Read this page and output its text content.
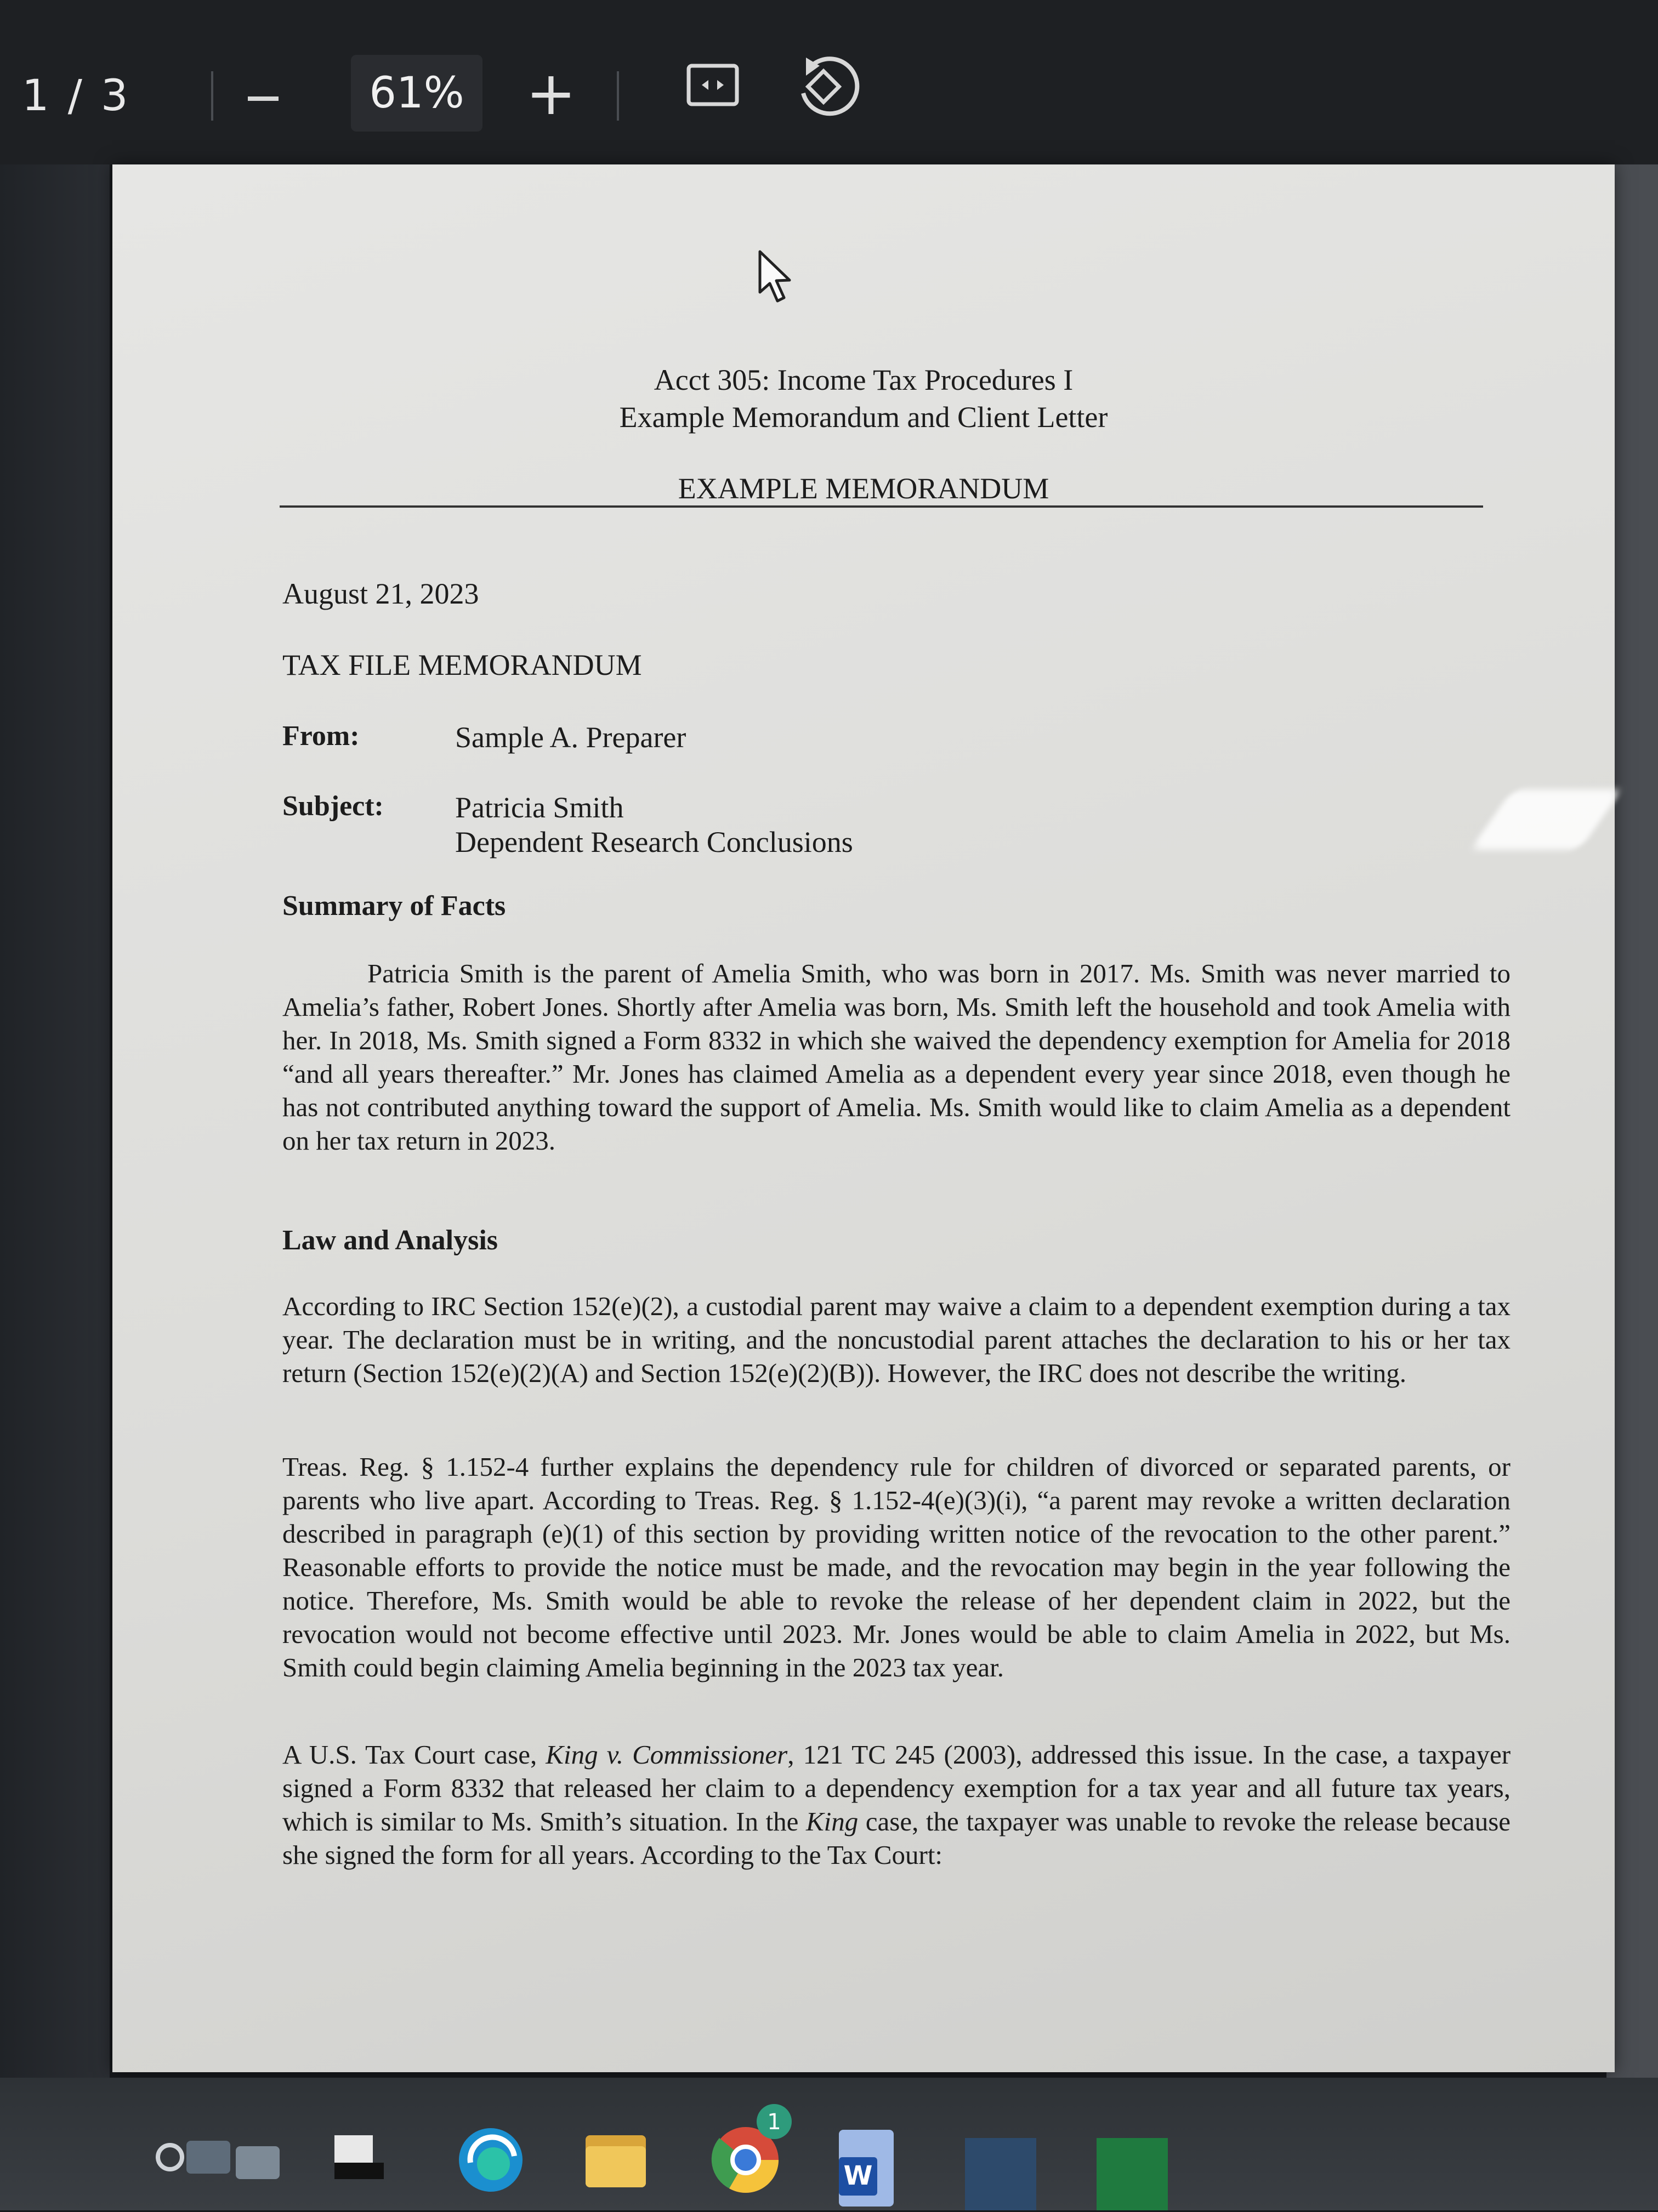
1 / 3	61%	+
Acct 305: Income Tax Procedures I
Example Memorandum and Client Letter
EXAMPLE MEMORANDUM
August 21, 2023
TAX FILE MEMORANDUM
From:	Sample A. Preparer
Subject: Patricia Smith
Dependent Research Conclusions
Summary of Facts

Patricia Smith is the parent of Amelia Smith, who was born in 2017. Ms. Smith was never married to Amelia’s father, Robert Jones. Shortly after Amelia was born, Ms. Smith left the household and took Amelia with her. In 2018, Ms. Smith signed a Form 8332 in which she waived the dependency exemption for Amelia for 2018 “and all years thereafter.” Mr. Jones has claimed Amelia as a dependent every year since 2018, even though he has not contributed anything toward the support of Amelia. Ms. Smith would like to claim Amelia as a dependent on her tax return in 2023.

Law and Analysis

According to IRC Section 152(e)(2), a custodial parent may waive a claim to a dependent exemption during a tax year. The declaration must be in writing, and the noncustodial parent attaches the declaration to his or her tax return (Section 152(e)(2)(A) and Section 152(e)(2)(B)). However, the IRC does not describe the writing.

Treas. Reg. § 1.152-4 further explains the dependency rule for children of divorced or separated parents, or parents who live apart. According to Treas. Reg. § 1.152-4(e)(3)(i), “a parent may revoke a written declaration described in paragraph (e)(1) of this section by providing written notice of the revocation to the other parent.” Reasonable efforts to provide the notice must be made, and the revocation may begin in the year following the notice. Therefore, Ms. Smith would be able to revoke the release of her dependent claim in 2022, but the revocation would not become effective until 2023. Mr. Jones would be able to claim Amelia in 2022, but Ms. Smith could begin claiming Amelia beginning in the 2023 tax year.

A U.S. Tax Court case, King v. Commissioner, 121 TC 245 (2003), addressed this issue. In the case, a taxpayer signed a Form 8332 that released her claim to a dependency exemption for a tax year and all future tax years, which is similar to Ms. Smith’s situation. In the King case, the taxpayer was unable to revoke the release because she signed the form for all years. According to the Tax Court:

1
W
